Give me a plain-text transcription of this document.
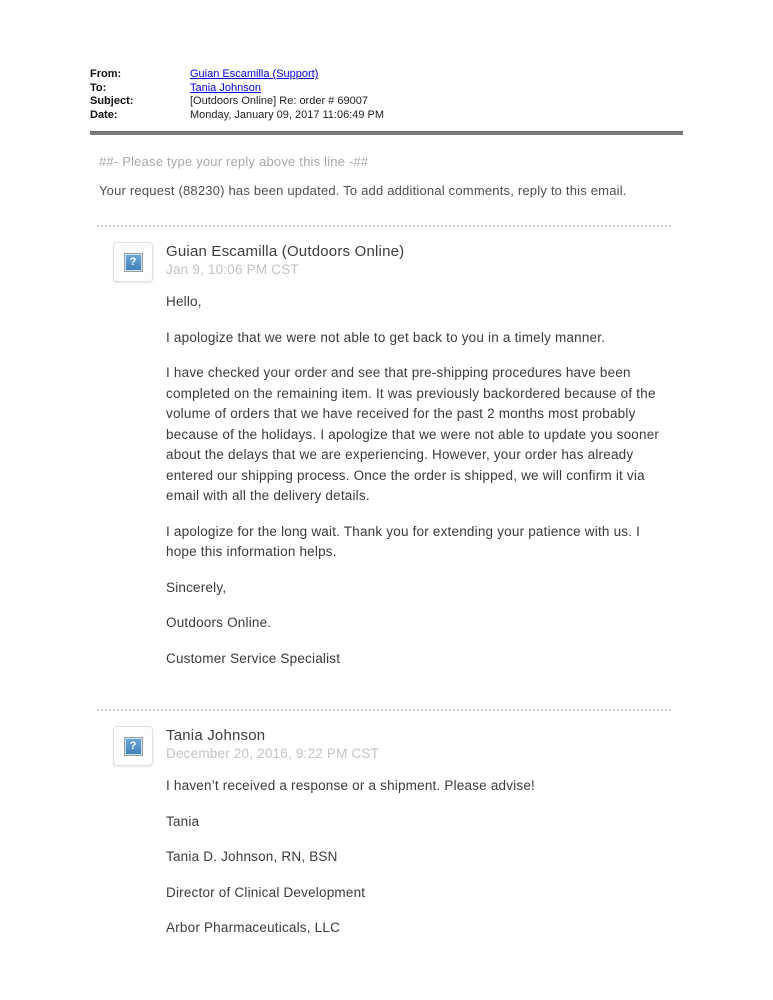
From:	Guian Escamilla (Support)
To:	Tania Johnson
Subject:	[Outdoors Online] Re: order # 69007
Date:	Monday, January 09, 2017 11:06:49 PM

##- Please type your reply above this line -##

Your request (88230) has been updated. To add additional comments, reply to this email.

?
Guian Escamilla (Outdoors Online)
Jan 9, 10:06 PM CST

Hello,

I apologize that we were not able to get back to you in a timely manner.

I have checked your order and see that pre-shipping procedures have been completed on the remaining item. It was previously backordered because of the volume of orders that we have received for the past 2 months most probably because of the holidays. I apologize that we were not able to update you sooner about the delays that we are experiencing. However, your order has already entered our shipping process. Once the order is shipped, we will confirm it via email with all the delivery details.

I apologize for the long wait. Thank you for extending your patience with us. I hope this information helps.

Sincerely,

Outdoors Online.

Customer Service Specialist

?
Tania Johnson
December 20, 2016, 9:22 PM CST

I haven’t received a response or a shipment. Please advise!

Tania

Tania D. Johnson, RN, BSN

Director of Clinical Development

Arbor Pharmaceuticals, LLC
